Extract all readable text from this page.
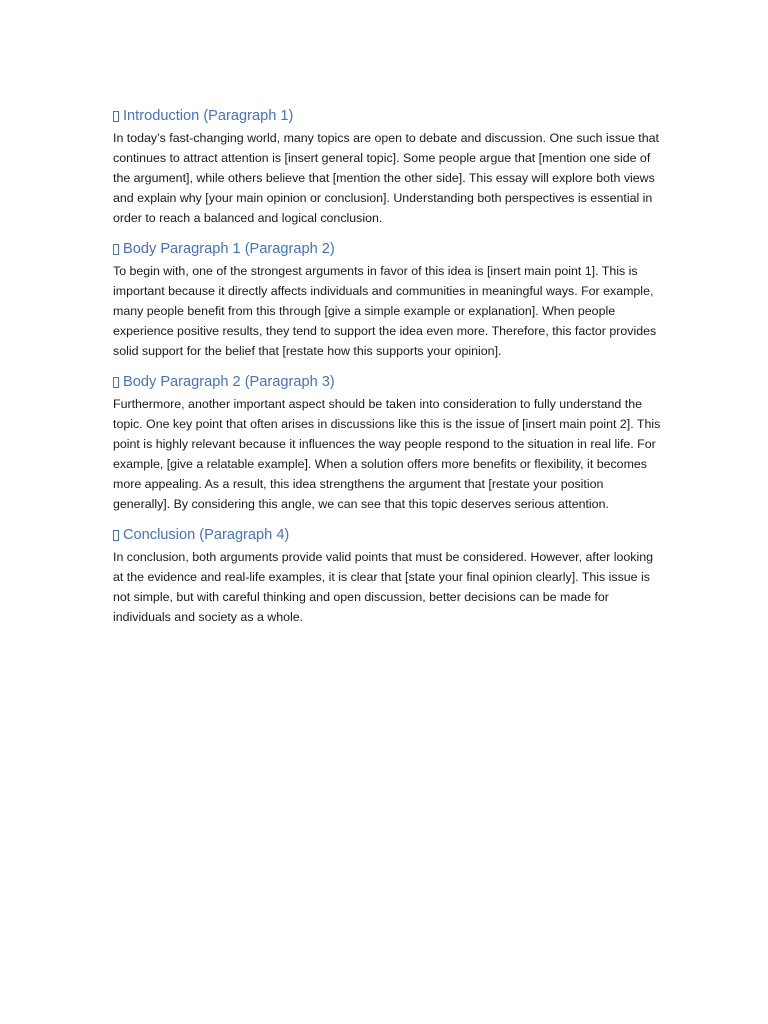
Introduction (Paragraph 1)

In today’s fast-changing world, many topics are open to debate and discussion. One such issue that continues to attract attention is [insert general topic]. Some people argue that [mention one side of the argument], while others believe that [mention the other side]. This essay will explore both views and explain why [your main opinion or conclusion]. Understanding both perspectives is essential in order to reach a balanced and logical conclusion.

Body Paragraph 1 (Paragraph 2)

To begin with, one of the strongest arguments in favor of this idea is [insert main point 1]. This is important because it directly affects individuals and communities in meaningful ways. For example, many people benefit from this through [give a simple example or explanation]. When people experience positive results, they tend to support the idea even more. Therefore, this factor provides solid support for the belief that [restate how this supports your opinion].

Body Paragraph 2 (Paragraph 3)

Furthermore, another important aspect should be taken into consideration to fully understand the topic. One key point that often arises in discussions like this is the issue of [insert main point 2]. This point is highly relevant because it influences the way people respond to the situation in real life. For example, [give a relatable example]. When a solution offers more benefits or flexibility, it becomes more appealing. As a result, this idea strengthens the argument that [restate your position generally]. By considering this angle, we can see that this topic deserves serious attention.

Conclusion (Paragraph 4)

In conclusion, both arguments provide valid points that must be considered. However, after looking at the evidence and real-life examples, it is clear that [state your final opinion clearly]. This issue is not simple, but with careful thinking and open discussion, better decisions can be made for individuals and society as a whole.
